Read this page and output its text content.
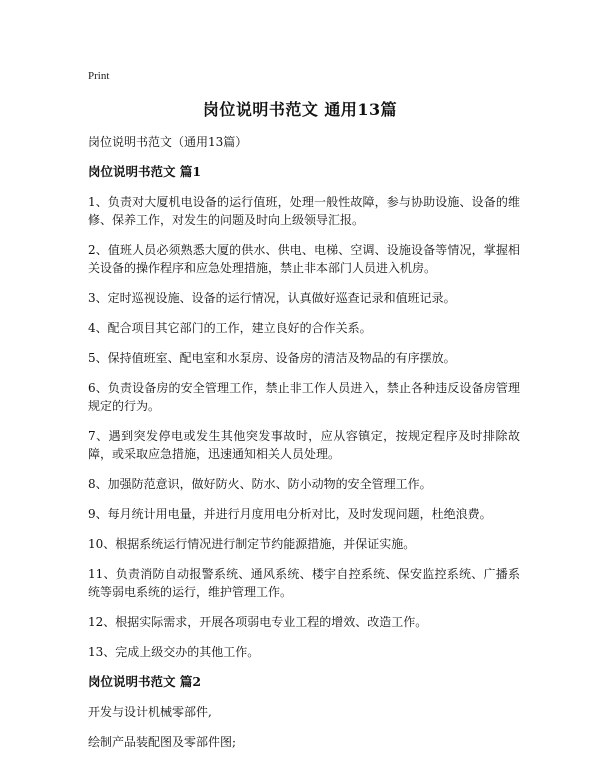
Print
岗位说明书范文 通用13篇
岗位说明书范文（通用13篇）
岗位说明书范文 篇1
1、负责对大厦机电设备的运行值班，处理一般性故障，参与协助设施、设备的维修、保养工作，对发生的问题及时向上级领导汇报。
2、值班人员必须熟悉大厦的供水、供电、电梯、空调、设施设备等情况，掌握相关设备的操作程序和应急处理措施，禁止非本部门人员进入机房。
3、定时巡视设施、设备的运行情况，认真做好巡查记录和值班记录。
4、配合项目其它部门的工作，建立良好的合作关系。
5、保持值班室、配电室和水泵房、设备房的清洁及物品的有序摆放。
6、负责设备房的安全管理工作，禁止非工作人员进入，禁止各种违反设备房管理规定的行为。
7、遇到突发停电或发生其他突发事故时，应从容镇定，按规定程序及时排除故障，或采取应急措施，迅速通知相关人员处理。
8、加强防范意识，做好防火、防水、防小动物的安全管理工作。
9、每月统计用电量，并进行月度用电分析对比，及时发现问题，杜绝浪费。
10、根据系统运行情况进行制定节约能源措施，并保证实施。
11、负责消防自动报警系统、通风系统、楼宇自控系统、保安监控系统、广播系统等弱电系统的运行，维护管理工作。
12、根据实际需求，开展各项弱电专业工程的增效、改造工作。
13、完成上级交办的其他工作。
岗位说明书范文 篇2
开发与设计机械零部件,
绘制产品装配图及零部件图;
